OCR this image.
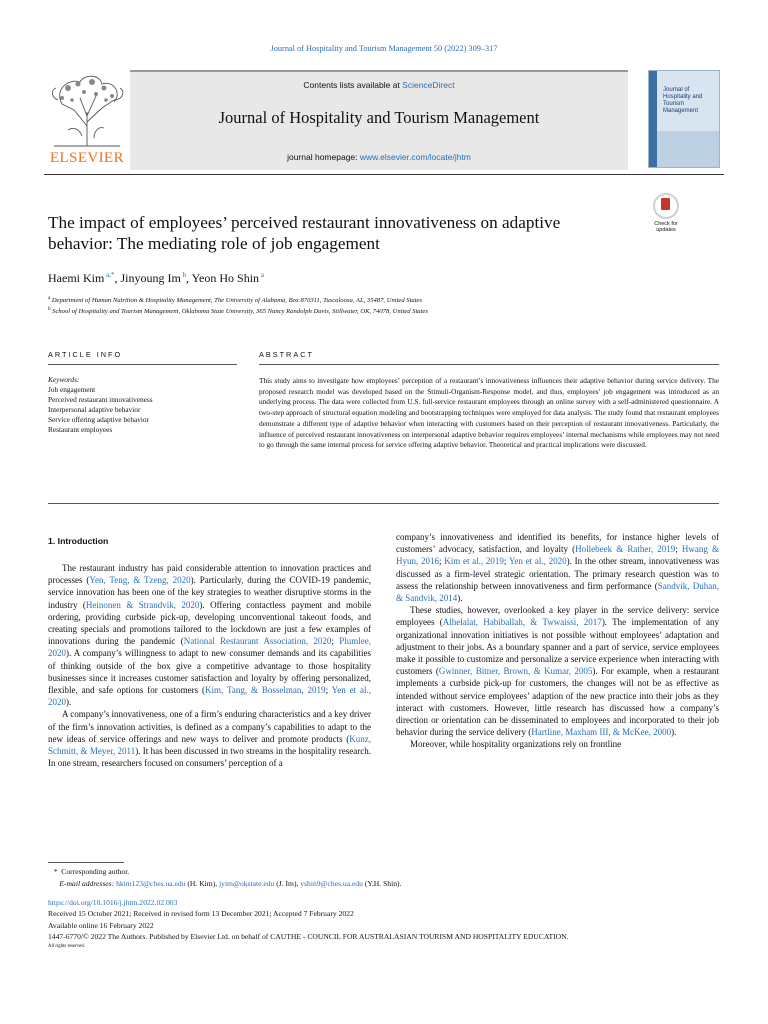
Journal of Hospitality and Tourism Management 50 (2022) 309–317
ELSEVIER
Contents lists available at ScienceDirect
Journal of Hospitality and Tourism Management
journal homepage: www.elsevier.com/locate/jhtm
Journal of Hospitality and Tourism Management
The impact of employees’ perceived restaurant innovativeness on adaptive behavior: The mediating role of job engagement
Check for updates
Haemi Kim $^{a,*}$, Jinyoung Im $^b$, Yeon Ho Shin $^a$
$^a$ Department of Human Nutrition & Hospitality Management, The University of Alabama, Box 870311, Tuscaloosa, AL, 35487, United States
$^b$ School of Hospitality and Tourism Management, Oklahoma State University, 365 Nancy Randolph Davis, Stillwater, OK, 74078, United States
ARTICLE INFO	ABSTRACT
Keywords:
Job engagement
Perceived restaurant innovativeness
Interpersonal adaptive behavior
Service offering adaptive behavior
Restaurant employees
This study aims to investigate how employees’ perception of a restaurant’s innovativeness influences their adaptive behavior during service delivery. The proposed research model was developed based on the Stimuli-Organism-Response model, and thus, employees’ job engagement was introduced as an underlying process. The data were collected from U.S. full-service restaurant employees through an online survey with a self-administered questionnaire. A two-step approach of structural equation modeling and bootstrapping techniques were employed for data analysis. The study found that restaurant employees demonstrate a different type of adaptive behavior when interacting with customers based on their perception of restaurant innovativeness. Particularly, the influence of perceived restaurant innovativeness on interpersonal adaptive behavior requires employees’ internal mechanisms while employees may not need to go through the same internal process for service offering adaptive behavior. Theoretical and practical implications were discussed.
1. Introduction

The restaurant industry has paid considerable attention to innovation practices and processes (Yen, Teng, & Tzeng, 2020). Particularly, during the COVID-19 pandemic, service innovation has been one of the key strategies to weather disruptive storms in the industry (Heinonen & Strandvik, 2020). Offering contactless payment and mobile ordering, providing curbside pick-up, developing unconventional takeout foods, and creating specials and promotions tailored to the lockdown are just a few examples of innovations during the pandemic (National Restaurant Association, 2020; Plumlee, 2020). A company’s willingness to adapt to new consumer demands and its capabilities of thinking outside of the box give a competitive advantage to those hospitality businesses since it increases customer satisfaction and loyalty by offering personalized, flexible, and safe options for customers (Kim, Tang, & Bosselman, 2019; Yen et al., 2020).

A company’s innovativeness, one of a firm’s enduring characteristics and a key driver of the firm’s innovation activities, is defined as a company’s capabilities to adapt to the new ideas of service offerings and new ways to deliver and promote products (Kunz, Schmitt, & Meyer, 2011). It has been discussed in two streams in the hospitality research. In one stream, researchers focused on consumers’ perception of a

company’s innovativeness and identified its benefits, for instance higher levels of customers’ advocacy, satisfaction, and loyalty (Hollebeek & Rather, 2019; Hwang & Hyun, 2016; Kim et al., 2019; Yen et al., 2020). In the other stream, innovativeness was discussed as a firm-level strategic orientation. The primary research question was to assess the relationship between innovativeness and firm performance (Sandvik, Duhan, & Sandvik, 2014).

These studies, however, overlooked a key player in the service delivery: service employees (Alhelalat, Habiballah, & Twwaissi, 2017). The implementation of any organizational innovation initiatives is not possible without employees’ adaptation and adjustment to their jobs. As a boundary spanner and a part of service, service employees make it possible to customize and personalize a service experience when interacting with customers (Gwinner, Bitner, Brown, & Kumar, 2005). For example, when a restaurant implements a curbside pick-up for customers, the changes will not be as effective as intended without service employees’ adaption of the new practice into their jobs as they interact with customers. However, little research has discussed how a company’s direction or orientation can be disseminated to employees and incorporated to their job behavior during the service delivery (Hartline, Maxham III, & McKee, 2000).

Moreover, while hospitality organizations rely on frontline

* Corresponding author.
E-mail addresses: hkim123@ches.ua.edu (H. Kim), jyim@okstate.edu (J. Im), yshin9@ches.ua.edu (Y.H. Shin).
https://doi.org/10.1016/j.jhtm.2022.02.003
Received 15 October 2021; Received in revised form 13 December 2021; Accepted 7 February 2022
Available online 16 February 2022
1447-6770/© 2022 The Authors. Published by Elsevier Ltd. on behalf of CAUTHE - COUNCIL FOR AUSTRALASIAN TOURISM AND HOSPITALITY EDUCATION.
All rights reserved.
